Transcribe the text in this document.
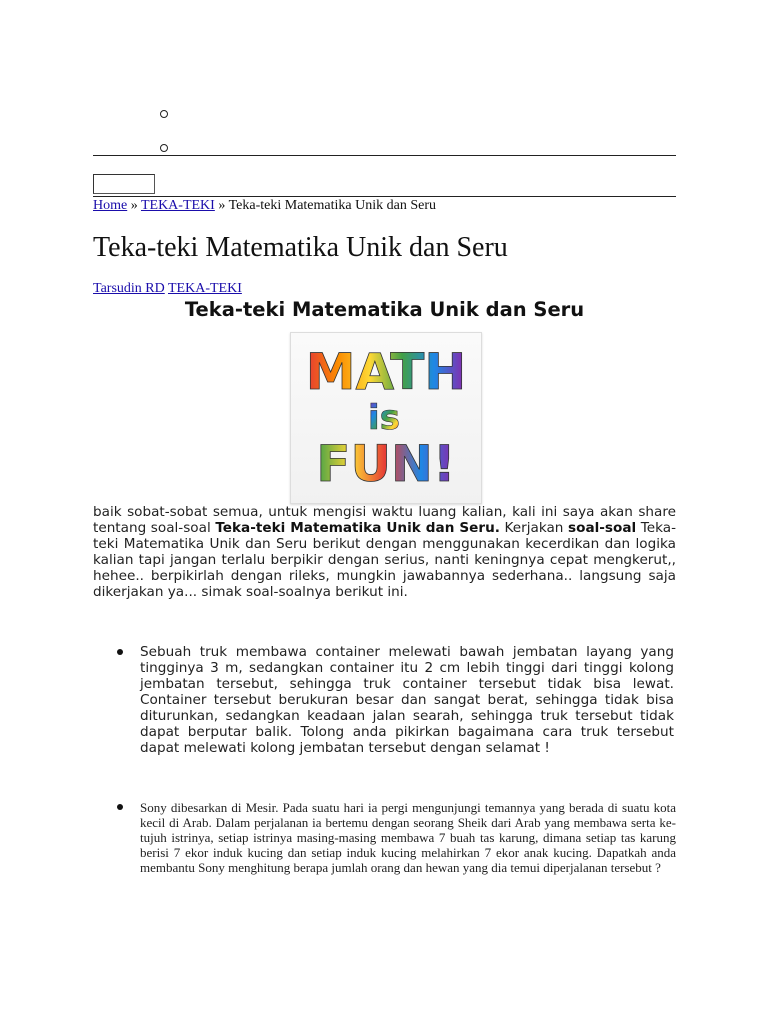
Home » TEKA-TEKI » Teka-teki Matematika Unik dan Seru
Teka-teki Matematika Unik dan Seru
Tarsudin RD TEKA-TEKI
Teka-teki Matematika Unik dan Seru
MATH
is
FUN!

baik sobat-sobat semua, untuk mengisi waktu luang kalian, kali ini saya akan share tentang soal-soal Teka-teki Matematika Unik dan Seru. Kerjakan soal-soal Teka-teki Matematika Unik dan Seru berikut dengan menggunakan kecerdikan dan logika kalian tapi jangan terlalu berpikir dengan serius, nanti keningnya cepat mengkerut,, hehee.. berpikirlah dengan rileks, mungkin jawabannya sederhana.. langsung saja dikerjakan ya... simak soal-soalnya berikut ini.

Sebuah truk membawa container melewati bawah jembatan layang yang tingginya 3 m, sedangkan container itu 2 cm lebih tinggi dari tinggi kolong jembatan tersebut, sehingga truk container tersebut tidak bisa lewat. Container tersebut berukuran besar dan sangat berat, sehingga tidak bisa diturunkan, sedangkan keadaan jalan searah, sehingga truk tersebut tidak dapat berputar balik. Tolong anda pikirkan bagaimana cara truk tersebut dapat melewati kolong jembatan tersebut dengan selamat !

Sony dibesarkan di Mesir. Pada suatu hari ia pergi mengunjungi temannya yang berada di suatu kota kecil di Arab. Dalam perjalanan ia bertemu dengan seorang Sheik dari Arab yang membawa serta ke-tujuh istrinya, setiap istrinya masing-masing membawa 7 buah tas karung, dimana setiap tas karung berisi 7 ekor induk kucing dan setiap induk kucing melahirkan 7 ekor anak kucing. Dapatkah anda membantu Sony menghitung berapa jumlah orang dan hewan yang dia temui diperjalanan tersebut ?
